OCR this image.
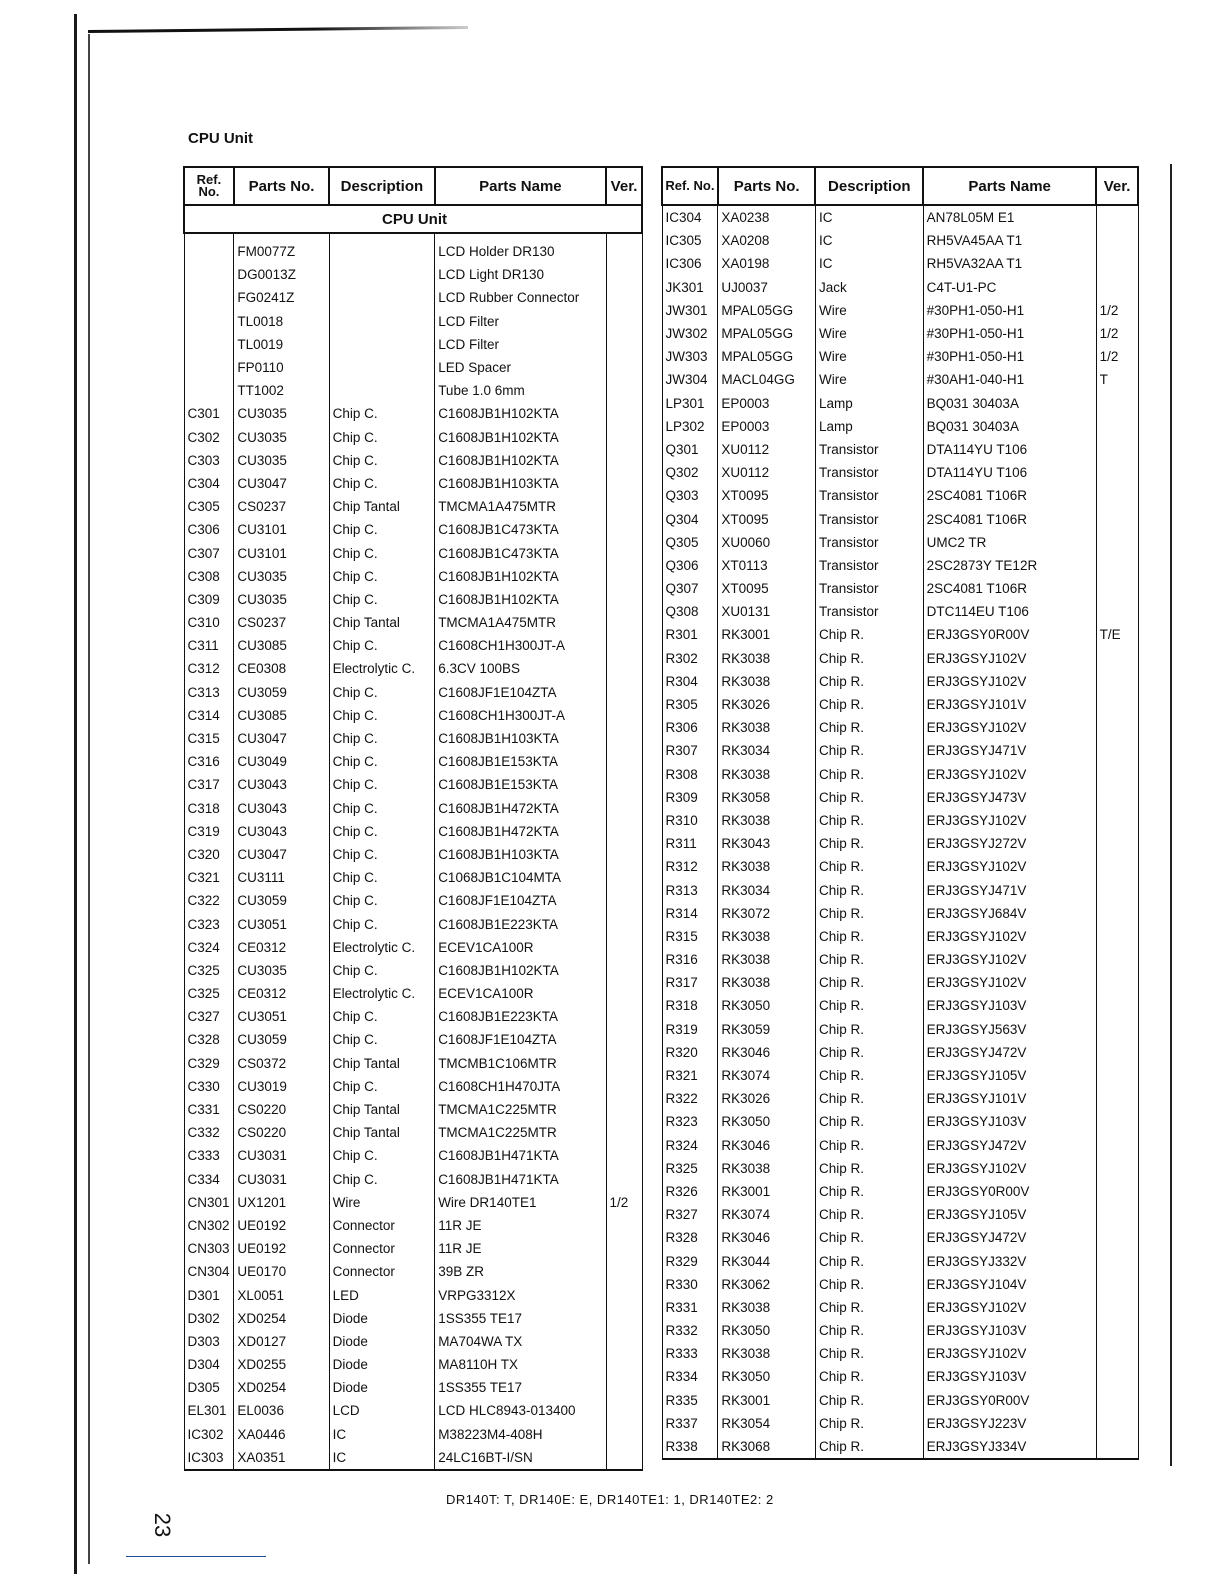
CPU Unit
Ref. No.	Parts No.	Description	Parts Name	Ver.
CPU Unit				
	FM0077Z		LCD Holder DR130	
	DG0013Z		LCD Light DR130	
	FG0241Z		LCD Rubber Connector	
	TL0018		LCD Filter	
	TL0019		LCD Filter	
	FP0110		LED Spacer	
	TT1002		Tube 1.0 6mm	
C301	CU3035	Chip C.	C1608JB1H102KTA	
C302	CU3035	Chip C.	C1608JB1H102KTA	
C303	CU3035	Chip C.	C1608JB1H102KTA	
C304	CU3047	Chip C.	C1608JB1H103KTA	
C305	CS0237	Chip Tantal	TMCMA1A475MTR	
C306	CU3101	Chip C.	C1608JB1C473KTA	
C307	CU3101	Chip C.	C1608JB1C473KTA	
C308	CU3035	Chip C.	C1608JB1H102KTA	
C309	CU3035	Chip C.	C1608JB1H102KTA	
C310	CS0237	Chip Tantal	TMCMA1A475MTR	
C311	CU3085	Chip C.	C1608CH1H300JT-A	
C312	CE0308	Electrolytic C.	6.3CV 100BS	
C313	CU3059	Chip C.	C1608JF1E104ZTA	
C314	CU3085	Chip C.	C1608CH1H300JT-A	
C315	CU3047	Chip C.	C1608JB1H103KTA	
C316	CU3049	Chip C.	C1608JB1E153KTA	
C317	CU3043	Chip C.	C1608JB1E153KTA	
C318	CU3043	Chip C.	C1608JB1H472KTA	
C319	CU3043	Chip C.	C1608JB1H472KTA	
C320	CU3047	Chip C.	C1608JB1H103KTA	
C321	CU3111	Chip C.	C1068JB1C104MTA	
C322	CU3059	Chip C.	C1608JF1E104ZTA	
C323	CU3051	Chip C.	C1608JB1E223KTA	
C324	CE0312	Electrolytic C.	ECEV1CA100R	
C325	CU3035	Chip C.	C1608JB1H102KTA	
C325	CE0312	Electrolytic C.	ECEV1CA100R	
C327	CU3051	Chip C.	C1608JB1E223KTA	
C328	CU3059	Chip C.	C1608JF1E104ZTA	
C329	CS0372	Chip Tantal	TMCMB1C106MTR	
C330	CU3019	Chip C.	C1608CH1H470JTA	
C331	CS0220	Chip Tantal	TMCMA1C225MTR	
C332	CS0220	Chip Tantal	TMCMA1C225MTR	
C333	CU3031	Chip C.	C1608JB1H471KTA	
C334	CU3031	Chip C.	C1608JB1H471KTA	
CN301	UX1201	Wire	Wire DR140TE1	1/2
CN302	UE0192	Connector	11R JE	
CN303	UE0192	Connector	11R JE	
CN304	UE0170	Connector	39B ZR	
D301	XL0051	LED	VRPG3312X	
D302	XD0254	Diode	1SS355 TE17	
D303	XD0127	Diode	MA704WA TX	
D304	XD0255	Diode	MA8110H TX	
D305	XD0254	Diode	1SS355 TE17	
EL301	EL0036	LCD	LCD HLC8943-013400	
IC302	XA0446	IC	M38223M4-408H	
IC303	XA0351	IC	24LC16BT-I/SN	
Ref. No.	Parts No.	Description	Parts Name	Ver.
IC304	XA0238	IC	AN78L05M E1	
IC305	XA0208	IC	RH5VA45AA T1	
IC306	XA0198	IC	RH5VA32AA T1	
JK301	UJ0037	Jack	C4T-U1-PC	
JW301	MPAL05GG	Wire	#30PH1-050-H1	1/2
JW302	MPAL05GG	Wire	#30PH1-050-H1	1/2
JW303	MPAL05GG	Wire	#30PH1-050-H1	1/2
JW304	MACL04GG	Wire	#30AH1-040-H1	T
LP301	EP0003	Lamp	BQ031 30403A	
LP302	EP0003	Lamp	BQ031 30403A	
Q301	XU0112	Transistor	DTA114YU T106	
Q302	XU0112	Transistor	DTA114YU T106	
Q303	XT0095	Transistor	2SC4081 T106R	
Q304	XT0095	Transistor	2SC4081 T106R	
Q305	XU0060	Transistor	UMC2 TR	
Q306	XT0113	Transistor	2SC2873Y TE12R	
Q307	XT0095	Transistor	2SC4081 T106R	
Q308	XU0131	Transistor	DTC114EU T106	
R301	RK3001	Chip R.	ERJ3GSY0R00V	T/E
R302	RK3038	Chip R.	ERJ3GSYJ102V	
R304	RK3038	Chip R.	ERJ3GSYJ102V	
R305	RK3026	Chip R.	ERJ3GSYJ101V	
R306	RK3038	Chip R.	ERJ3GSYJ102V	
R307	RK3034	Chip R.	ERJ3GSYJ471V	
R308	RK3038	Chip R.	ERJ3GSYJ102V	
R309	RK3058	Chip R.	ERJ3GSYJ473V	
R310	RK3038	Chip R.	ERJ3GSYJ102V	
R311	RK3043	Chip R.	ERJ3GSYJ272V	
R312	RK3038	Chip R.	ERJ3GSYJ102V	
R313	RK3034	Chip R.	ERJ3GSYJ471V	
R314	RK3072	Chip R.	ERJ3GSYJ684V	
R315	RK3038	Chip R.	ERJ3GSYJ102V	
R316	RK3038	Chip R.	ERJ3GSYJ102V	
R317	RK3038	Chip R.	ERJ3GSYJ102V	
R318	RK3050	Chip R.	ERJ3GSYJ103V	
R319	RK3059	Chip R.	ERJ3GSYJ563V	
R320	RK3046	Chip R.	ERJ3GSYJ472V	
R321	RK3074	Chip R.	ERJ3GSYJ105V	
R322	RK3026	Chip R.	ERJ3GSYJ101V	
R323	RK3050	Chip R.	ERJ3GSYJ103V	
R324	RK3046	Chip R.	ERJ3GSYJ472V	
R325	RK3038	Chip R.	ERJ3GSYJ102V	
R326	RK3001	Chip R.	ERJ3GSY0R00V	
R327	RK3074	Chip R.	ERJ3GSYJ105V	
R328	RK3046	Chip R.	ERJ3GSYJ472V	
R329	RK3044	Chip R.	ERJ3GSYJ332V	
R330	RK3062	Chip R.	ERJ3GSYJ104V	
R331	RK3038	Chip R.	ERJ3GSYJ102V	
R332	RK3050	Chip R.	ERJ3GSYJ103V	
R333	RK3038	Chip R.	ERJ3GSYJ102V	
R334	RK3050	Chip R.	ERJ3GSYJ103V	
R335	RK3001	Chip R.	ERJ3GSY0R00V	
R337	RK3054	Chip R.	ERJ3GSYJ223V	
R338	RK3068	Chip R.	ERJ3GSYJ334V	
DR140T: T, DR140E: E, DR140TE1: 1, DR140TE2: 2
23
